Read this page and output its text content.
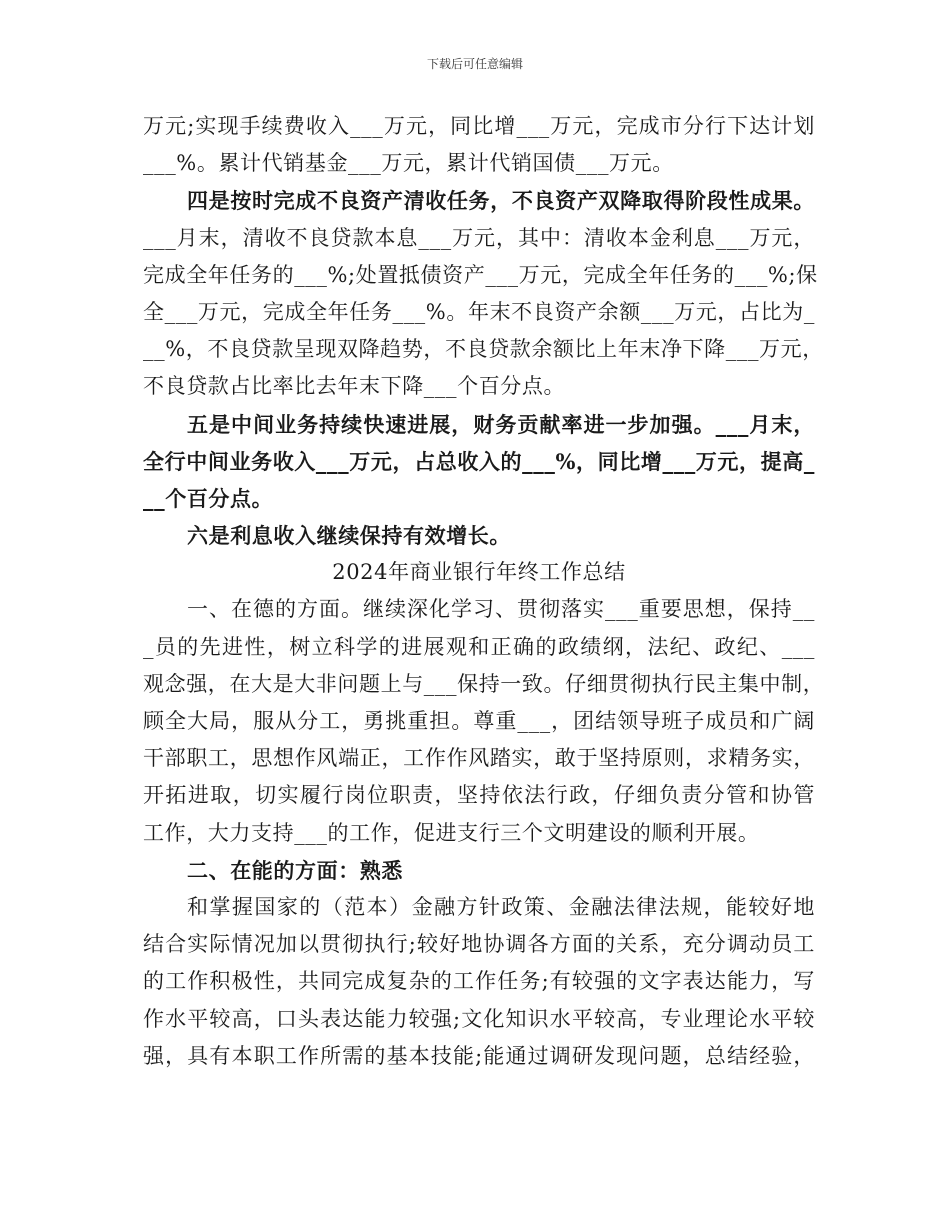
下载后可任意编辑
万元;实现手续费收入___万元，同比增___万元，完成市分行下达计划
___%。累计代销基金___万元，累计代销国债___万元。
四是按时完成不良资产清收任务，不良资产双降取得阶段性成果。
___月末，清收不良贷款本息___万元，其中：清收本金利息___万元，
完成全年任务的___%;处置抵债资产___万元，完成全年任务的___%;保
全___万元，完成全年任务___%。年末不良资产余额___万元，占比为_
__%，不良贷款呈现双降趋势，不良贷款余额比上年末净下降___万元，
不良贷款占比率比去年末下降___个百分点。
五是中间业务持续快速进展，财务贡献率进一步加强。___月末，
全行中间业务收入___万元，占总收入的___%，同比增___万元，提高_
__个百分点。
六是利息收入继续保持有效增长。
2024年商业银行年终工作总结
一、在德的方面。继续深化学习、贯彻落实___重要思想，保持__
_员的先进性，树立科学的进展观和正确的政绩纲，法纪、政纪、___
观念强，在大是大非问题上与___保持一致。仔细贯彻执行民主集中制，
顾全大局，服从分工，勇挑重担。尊重___，团结领导班子成员和广阔
干部职工，思想作风端正，工作作风踏实，敢于坚持原则，求精务实，
开拓进取，切实履行岗位职责，坚持依法行政，仔细负责分管和协管
工作，大力支持___的工作，促进支行三个文明建设的顺利开展。
二、在能的方面：熟悉
和掌握国家的（范本）金融方针政策、金融法律法规，能较好地
结合实际情况加以贯彻执行;较好地协调各方面的关系，充分调动员工
的工作积极性，共同完成复杂的工作任务;有较强的文字表达能力，写
作水平较高，口头表达能力较强;文化知识水平较高，专业理论水平较
强，具有本职工作所需的基本技能;能通过调研发现问题，总结经验，
